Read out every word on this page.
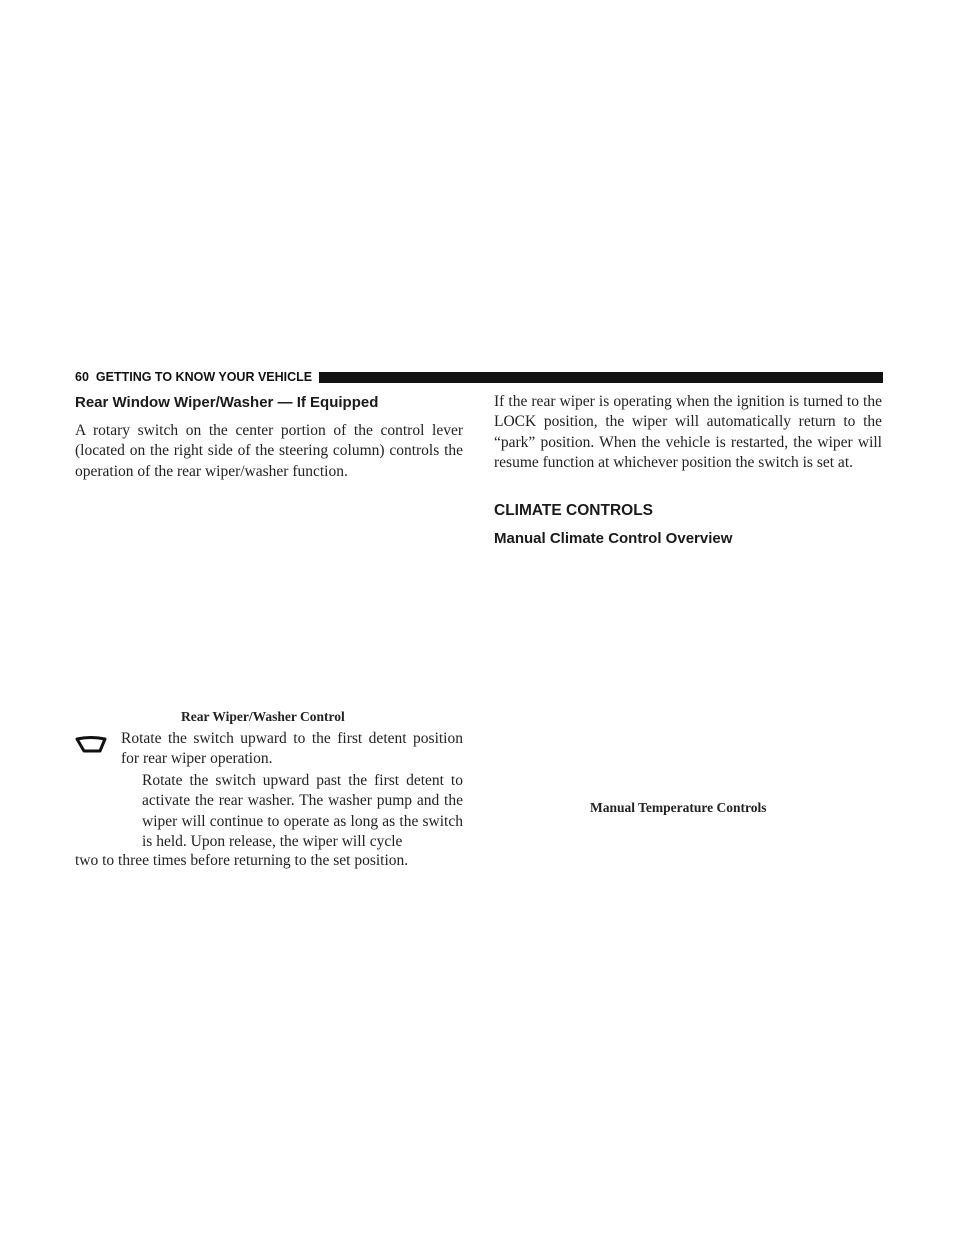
60 GETTING TO KNOW YOUR VEHICLE
Rear Window Wiper/Washer — If Equipped

A rotary switch on the center portion of the control lever (located on the right side of the steering column) controls the operation of the rear wiper/washer function.

Rear Wiper/Washer Control

Rotate the switch upward to the first detent position for rear wiper operation.

Rotate the switch upward past the first detent to activate the rear washer. The washer pump and the wiper will continue to operate as long as the switch is held. Upon release, the wiper will cycle

two to three times before returning to the set position.

If the rear wiper is operating when the ignition is turned to the LOCK position, the wiper will automatically return to the “park” position. When the vehicle is restarted, the wiper will resume function at whichever position the switch is set at.

CLIMATE CONTROLS
Manual Climate Control Overview
Manual Temperature Controls
